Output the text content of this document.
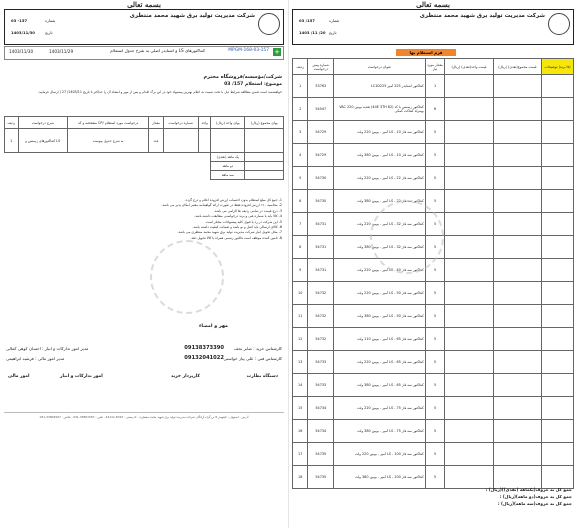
بسمه تعالی
شرکت مدیریت تولید برق شهید محمد منتظری
شماره
03 -157
تاریخ
1403/11/30
+
MPGM-168-03-157
کنتاکتورهای LS و اشنایدر اصلی به شرح جدول استعلام
1403/11/29
1403/11/30
شرکت/مؤسسه/فروشگاه محترم
موضوع: استعلام 157/ 03
خواهشمند است ضمن مطالعه شرایط ذیل با دقت نسبت به اعلام بهترین پیشنهاد خود در این برگ اقدام و پس از مهر و امضاء آن را حداکثر تا تاریخ 1403/11/ 27 ( ارسال فرمایید.
ردیف	شرح درخواست	مشخصه و کد CP/ درخواست مورد استعلام	مقدار	شماره درخواست	واحد	بهای واحد (ریال)	بهای مجموع (ریال)
1	کنتاکتورهای زیمنس و LS	به شرح جدول پیوست	عدد				
						یک ماهه (نقدی)	
						دو ماهه	
						سه ماهه	
1- جمع کل مبلغ استعلام بدون احتساب ارزش افزوده اعلام و درج گردد.
2- محاسبه ۱۰٪ ارزش افزوده فقط در صورت ارائه گواهینامه معتبر امکان پذیر می باشد.
3- درج قیمت در تمامی ردیف ها الزامی می باشد.
4- کالا باید با شماره فنی و برند درخواستی مطابقت داشته باشد.
5- این شرکت در رد یا قبول کلیه پیشنهادات مختار است.
6- کالای ارسالی باید اصل و نو باشد و ضمانت کیفیت داشته باشد.
7- محل تحویل انبار شرکت مدیریت تولید برق شهید محمد منتظری می باشد.
8- تامین کننده موظف است فاکتور رسمی همراه با کالا تحویل دهد.
مهر و امضاء
کارشناس خرید : صابر نجف
09138373390
مدیر امور تدارکات و انبار : احسان کوهی کمالی
کارشناس فنی : علی پیاز خواستی
09132041022
مدیر امور مالی : فرشید ابراهیمی
دستگاه نظارت
کارپرداز خرید
امور تدارکات و انبار
امور مالی
آدرس : اصفهان ، کیلومتر 8 بزرگراه آزادگان شرکت مدیریت تولید برق شهید محمد منتظری - کد پستی : 8315-44111 - تلفن : 33801567-031 - فکس : 33802567-031
بسمه تعالی
شرکت مدیریت تولید برق شهید محمد منتظری
شماره
03 /157
تاریخ
1403 /11 /20
فرم استعلام بها
ردیف	شماره پیش درخواست	عنوان درخواست	مقدار مورد نیاز	قیمت واحد(نقدی) (ریال)	قیمت مجموع(نقدی) (ریال)	توضیحات (برند ls)
1	53763	کنتاکتور اشنایدر 225 آمپر LC1D225	1			
2	54547	کنتاکتور زیمنس با کد (44E 3TH 82) تغذیه بوبین 220 VAC بهمراه کنتاکت کمکی	6			
3	54729	کنتاکتور سه فاز LS - 10 آمپر - بوبین 220 ولت	5			
4	54729	کنتاکتور سه فاز LS - 10 آمپر - بوبین 380 ولت	5			
5	54730	کنتاکتور سه فاز LS - 22 آمپر - بوبین 220 ولت	5			
6	54730	کنتاکتور سه فاز LS - 22 آمپر - بوبین 380 ولت	5			
7	54731	کنتاکتور سه فاز LS - 32 آمپر - بوبین 220 ولت	5			
8	54731	کنتاکتور سه فاز LS - 32 آمپر - بوبین 380 ولت	5			
9	54731	کنتاکتور سه فاز LS - 40 آمپر - بوبین 220 ولت	5			
10	54732	کنتاکتور سه فاز LS - 50 آمپر - بوبین 220 ولت	5			
11	54732	کنتاکتور سه فاز LS - 50 آمپر - بوبین 380 ولت	5			
12	54732	کنتاکتور سه فاز LS - 65 آمپر - بوبین 110 ولت	5			
13	54733	کنتاکتور سه فاز LS - 65 آمپر - بوبین 220 ولت	5			
14	54733	کنتاکتور سه فاز LS - 65 آمپر - بوبین 380 ولت	5			
15	54734	کنتاکتور سه فاز LS - 75 آمپر - بوبین 220 ولت	5			
16	54734	کنتاکتور سه فاز LS - 75 آمپر - بوبین 380 ولت	5			
17	54735	کنتاکتور سه فاز LS - 100 آمپر - بوبین 220 ولت	5			
18	54735	کنتاکتور سه فاز LS - 100 آمپر - بوبین 380 ولت	5			
جمع کل به حروف(یکماهه (نقدی))(ریال) :
جمع کل به حروف(دو ماهه)(ریال) :
جمع کل به حروف(سه ماهه)(ریال) :
